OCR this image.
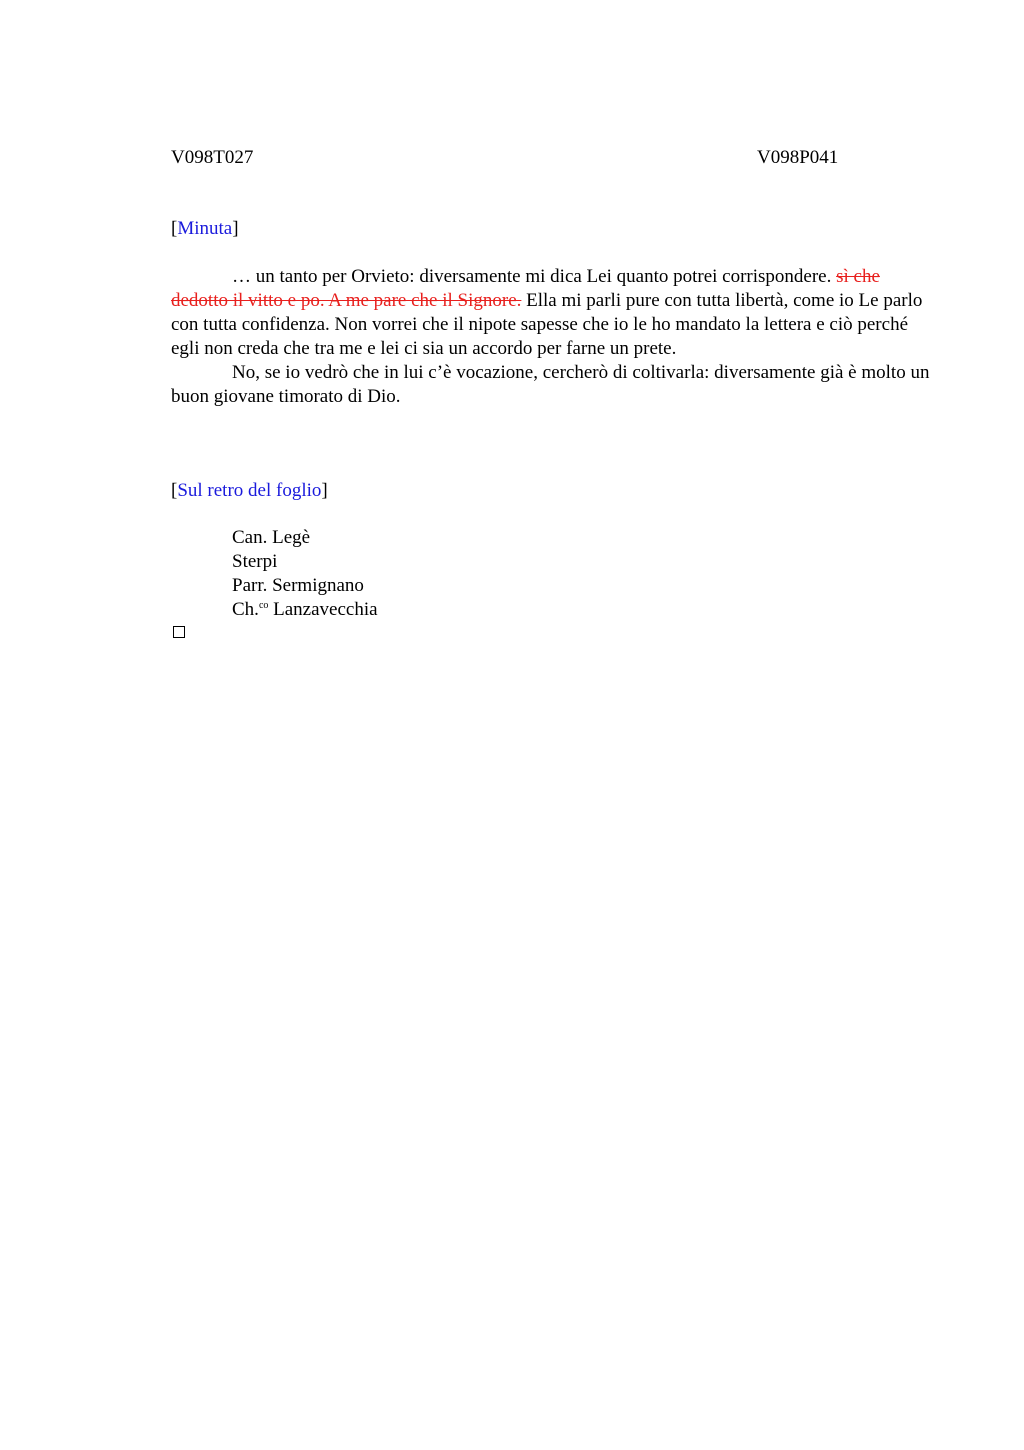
V098T027	V098P041
[Minuta]

… un tanto per Orvieto: diversamente mi dica Lei quanto potrei corrispondere. sì che dedotto il vitto e po. A me pare che il Signore. Ella mi parli pure con tutta libertà, come io Le parlo con tutta confidenza. Non vorrei che il nipote sapesse che io le ho mandato la lettera e ciò perché egli non creda che tra me e lei ci sia un accordo per farne un prete.

No, se io vedrò che in lui c’è vocazione, cercherò di coltivarla: diversamente già è molto un buon giovane timorato di Dio.

[Sul retro del foglio]
Can. Legè
Sterpi
Parr. Sermignano
Ch.$^{co}$ Lanzavecchia
